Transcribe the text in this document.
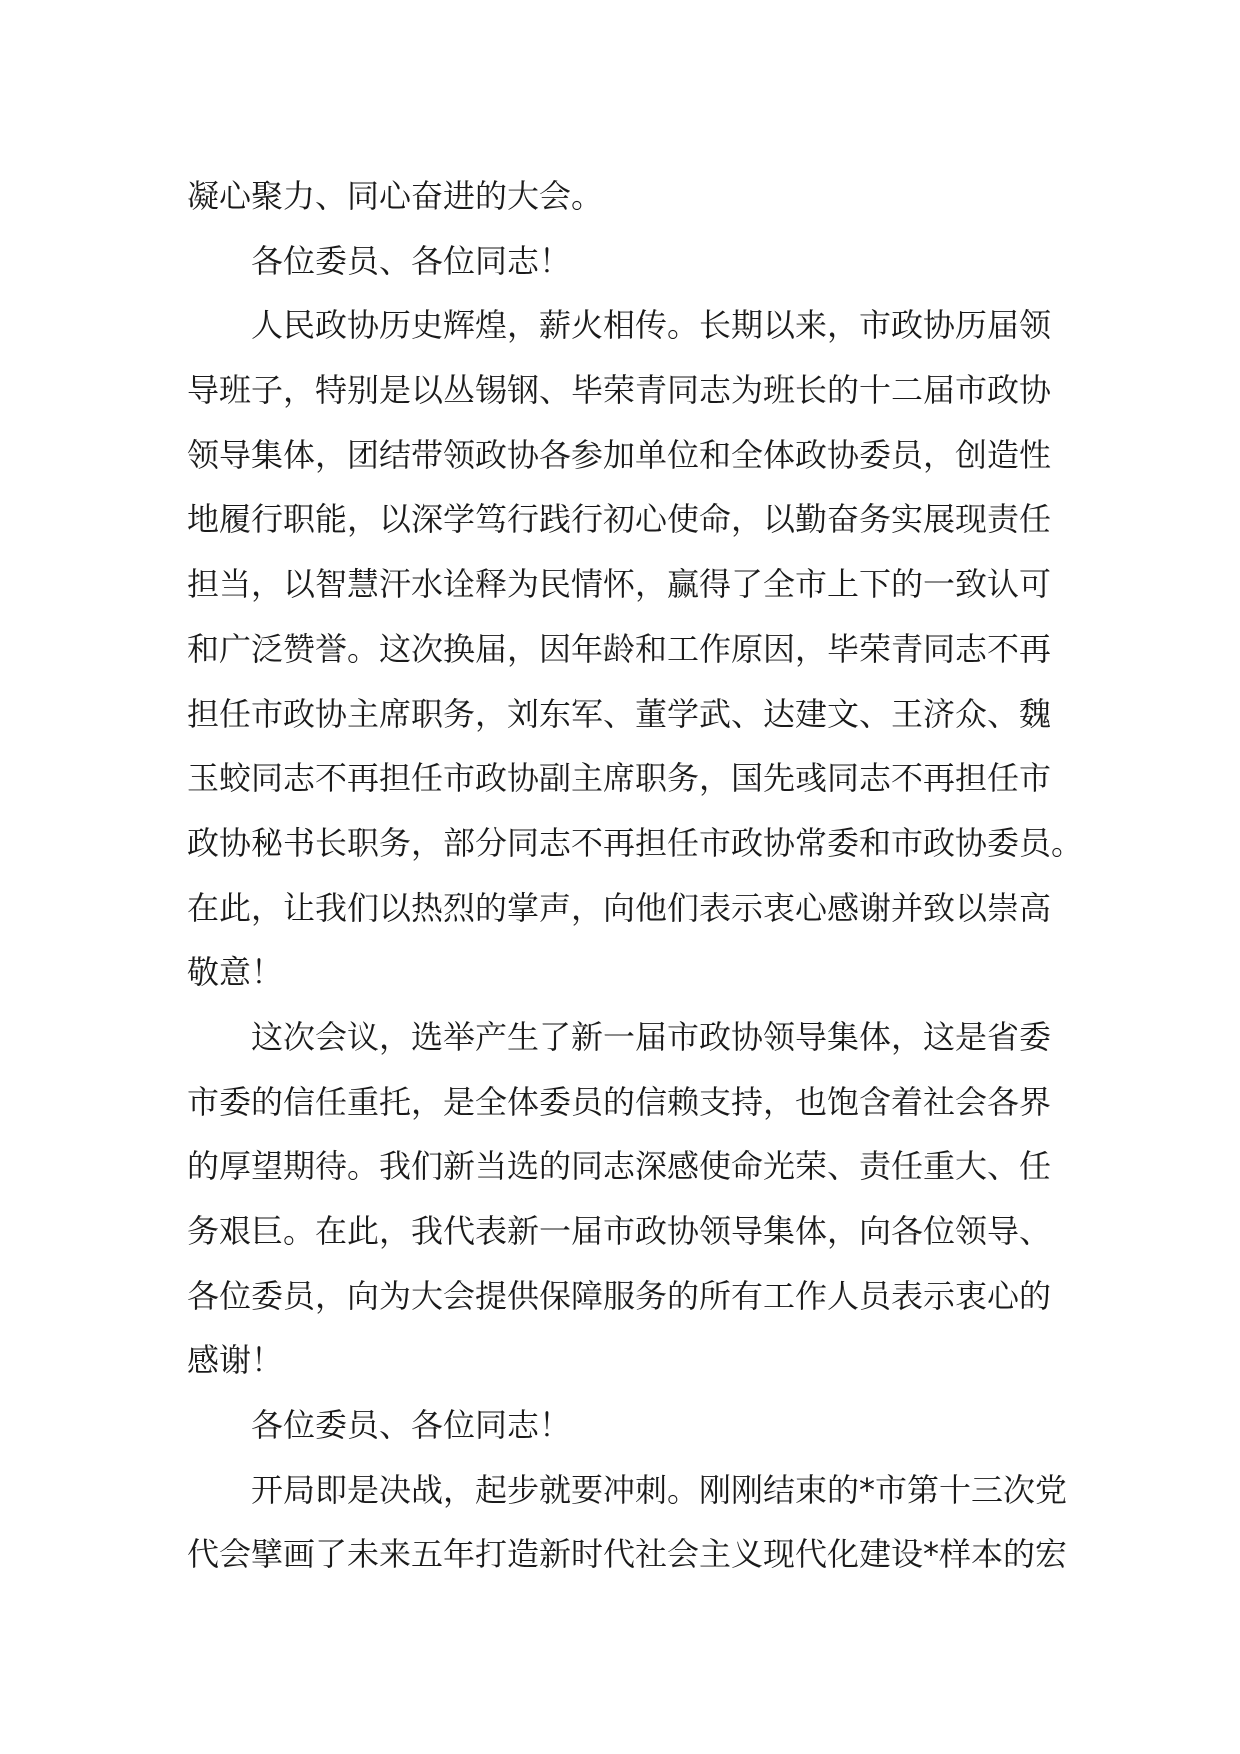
凝心聚力、同心奋进的大会。
各位委员、各位同志！
人民政协历史辉煌，薪火相传。长期以来，市政协历届领
导班子，特别是以丛锡钢、毕荣青同志为班长的十二届市政协
领导集体，团结带领政协各参加单位和全体政协委员，创造性
地履行职能，以深学笃行践行初心使命，以勤奋务实展现责任
担当，以智慧汗水诠释为民情怀，赢得了全市上下的一致认可
和广泛赞誉。这次换届，因年龄和工作原因，毕荣青同志不再
担任市政协主席职务，刘东军、董学武、达建文、王济众、魏
玉蛟同志不再担任市政协副主席职务，国先彧同志不再担任市
政协秘书长职务，部分同志不再担任市政协常委和市政协委员。
在此，让我们以热烈的掌声，向他们表示衷心感谢并致以崇高
敬意！
这次会议，选举产生了新一届市政协领导集体，这是省委
市委的信任重托，是全体委员的信赖支持，也饱含着社会各界
的厚望期待。我们新当选的同志深感使命光荣、责任重大、任
务艰巨。在此，我代表新一届市政协领导集体，向各位领导、
各位委员，向为大会提供保障服务的所有工作人员表示衷心的
感谢！
各位委员、各位同志！
开局即是决战，起步就要冲刺。刚刚结束的*市第十三次党
代会擘画了未来五年打造新时代社会主义现代化建设*样本的宏
